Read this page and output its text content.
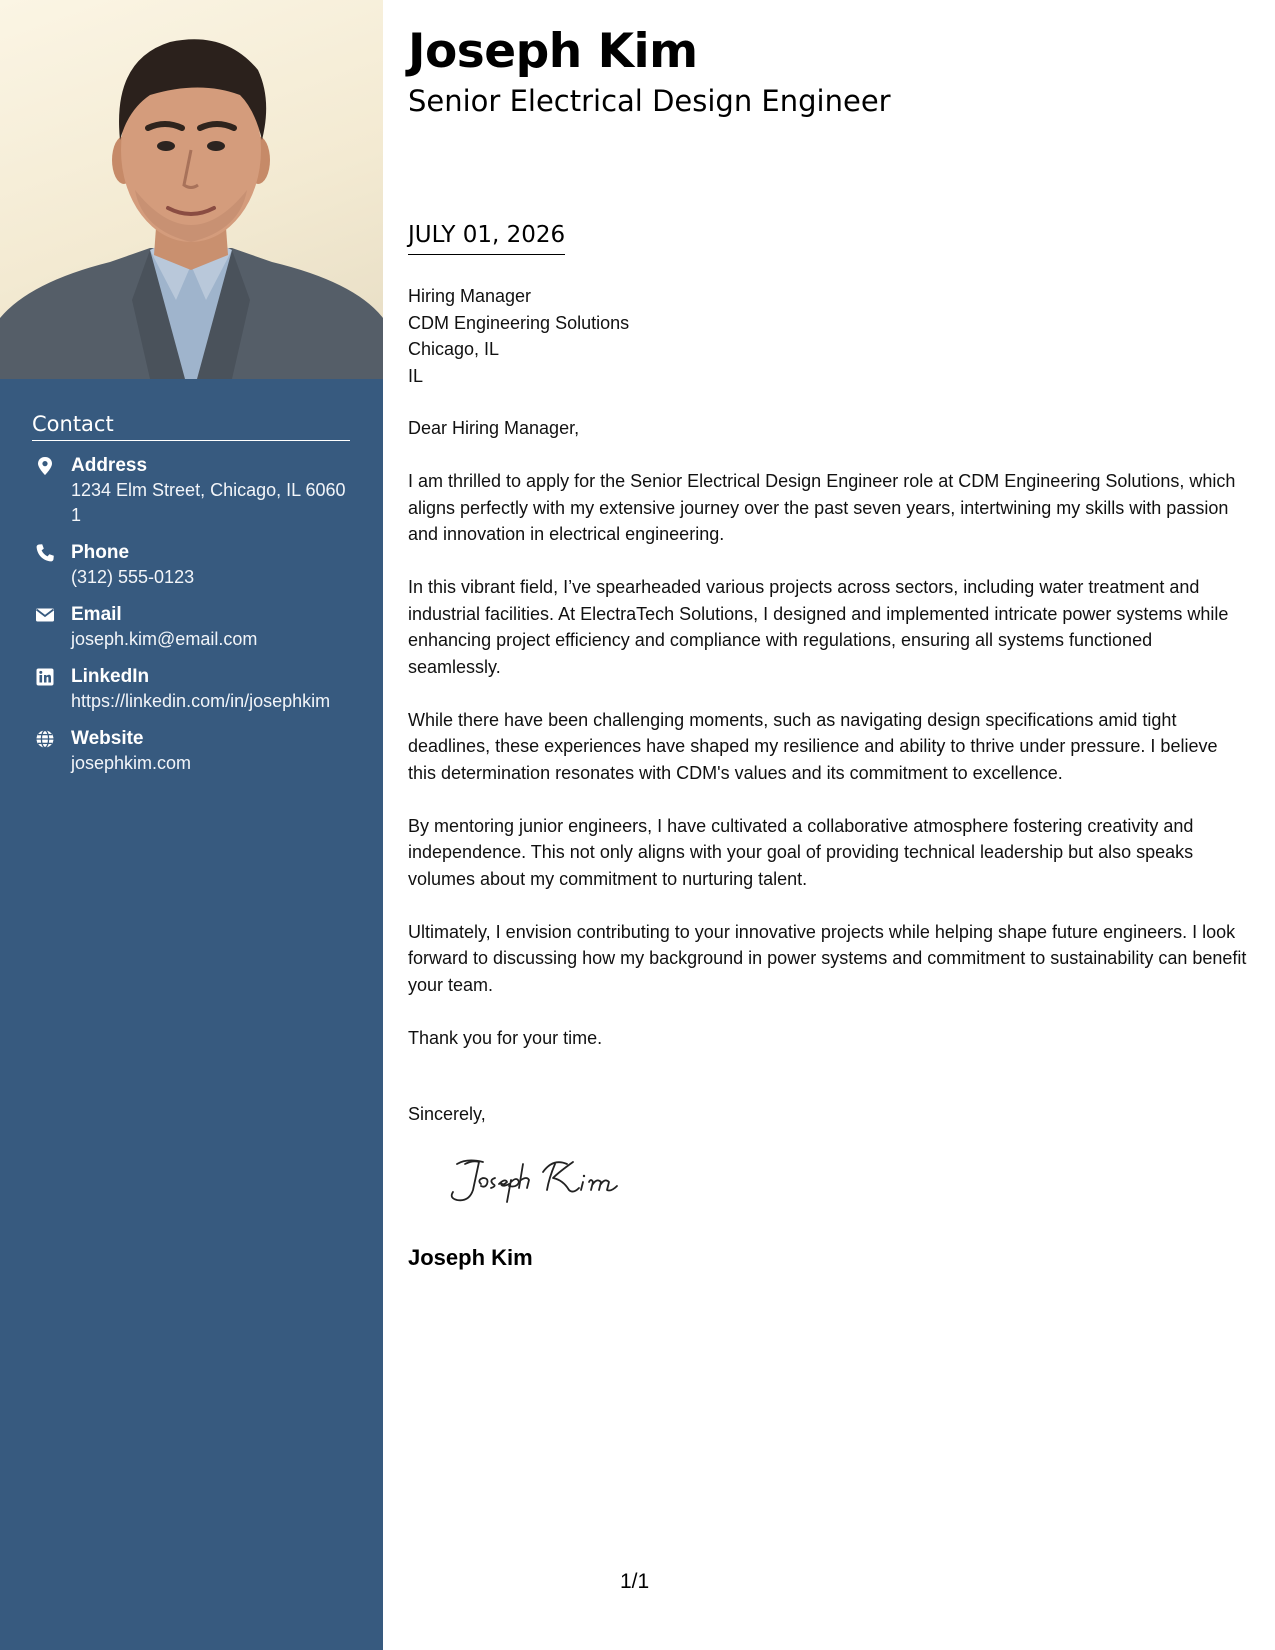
Contact
Address
1234 Elm Street, Chicago, IL 60601
Phone
(312) 555-0123
Email
joseph.kim@email.com
LinkedIn
https://linkedin.com/in/josephkim
Website
josephkim.com
Joseph Kim
Senior Electrical Design Engineer
JULY 01, 2026
Hiring Manager
CDM Engineering Solutions
Chicago, IL
IL

Dear Hiring Manager,

I am thrilled to apply for the Senior Electrical Design Engineer role at CDM Engineering Solutions, which aligns perfectly with my extensive journey over the past seven years, intertwining my skills with passion and innovation in electrical engineering.

In this vibrant field, I’ve spearheaded various projects across sectors, including water treatment and industrial facilities. At ElectraTech Solutions, I designed and implemented intricate power systems while enhancing project efficiency and compliance with regulations, ensuring all systems functioned seamlessly.

While there have been challenging moments, such as navigating design specifications amid tight deadlines, these experiences have shaped my resilience and ability to thrive under pressure. I believe this determination resonates with CDM's values and its commitment to excellence.

By mentoring junior engineers, I have cultivated a collaborative atmosphere fostering creativity and independence. This not only aligns with your goal of providing technical leadership but also speaks volumes about my commitment to nurturing talent.

Ultimately, I envision contributing to your innovative projects while helping shape future engineers. I look forward to discussing how my background in power systems and commitment to sustainability can benefit your team.

Thank you for your time.

Sincerely,
Joseph Kim
1/1
